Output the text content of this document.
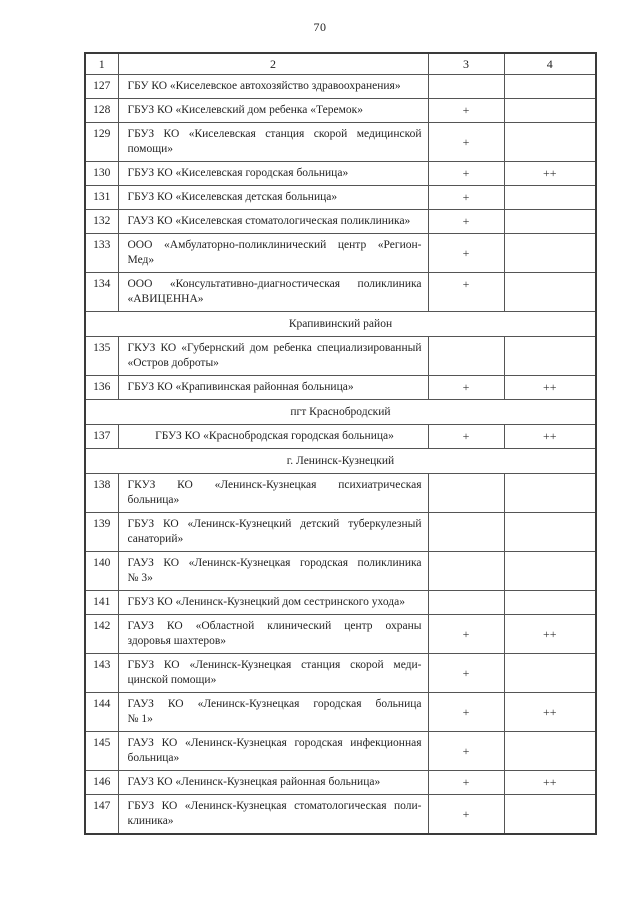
70
1	2	3	4
127	ГБУ КО «Киселевское автохозяйство здравоохранения»		

128	ГБУЗ КО «Киселевский дом ребенка «Теремок»	+	
129	ГБУЗ КО «Киселевская станция скорой медицинской
помощи»	+	
130	ГБУЗ КО «Киселевская городская больница»	+	++
131	ГБУЗ КО «Киселевская детская больница»	+	
132	ГАУЗ КО «Киселевская стоматологическая поликлиника»	+	
133	ООО «Амбулаторно-поликлинический центр «Регион-
Мед»	+	
134	ООО «Консультативно-диагностическая поликлиника
«АВИЦЕННА»	+	
Крапивинский район			
135	ГКУЗ КО «Губернский дом ребенка специализированный
«Остров доброты»		

136	ГБУЗ КО «Крапивинская районная больница»	+	++
пгт Краснобродский			
137	ГБУЗ КО «Краснобродская городская больница»	+	++
г. Ленинск-Кузнецкий			
138	ГКУЗ КО «Ленинск-Кузнецкая психиатрическая
больница»		

139	ГБУЗ КО «Ленинск-Кузнецкий детский туберкулезный
санаторий»		

140	ГАУЗ КО «Ленинск-Кузнецкая городская поликлиника
№ 3»		

141	ГБУЗ КО «Ленинск-Кузнецкий дом сестринского ухода»		

142	ГАУЗ КО «Областной клинический центр охраны
здоровья шахтеров»	+	++
143	ГБУЗ КО «Ленинск-Кузнецкая станция скорой меди-
цинской помощи»	+	
144	ГАУЗ КО «Ленинск-Кузнецкая городская больница
№ 1»	+	++
145	ГАУЗ КО «Ленинск-Кузнецкая городская инфекционная
больница»	+	
146	ГАУЗ КО «Ленинск-Кузнецкая районная больница»	+	++
147	ГБУЗ КО «Ленинск-Кузнецкая стоматологическая поли-
клиника»	+	
